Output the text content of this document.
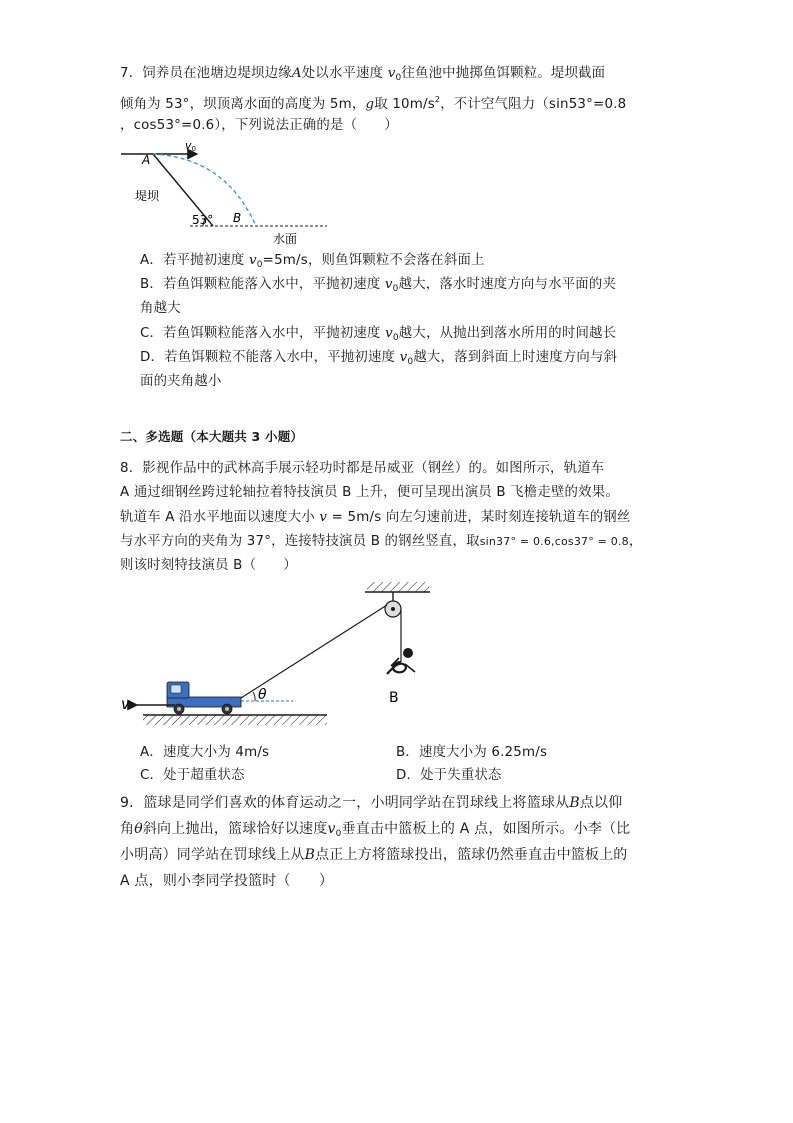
7．饲养员在池塘边堤坝边缘A处以水平速度 $v_0$往鱼池中抛掷鱼饵颗粒。堤坝截面
倾角为 53°，坝顶离水面的高度为 5m，g取 $10m/s^2$，不计空气阻力（sin53°=0.8
，cos53°=0.6），下列说法正确的是（　　）
v0
A
堤坝
53° B
水面
A．若平抛初速度 $v_0=5m/s$，则鱼饵颗粒不会落在斜面上
B．若鱼饵颗粒能落入水中，平抛初速度 $v_0$越大，落水时速度方向与水平面的夹
角越大
C．若鱼饵颗粒能落入水中，平抛初速度 $v_0$越大，从抛出到落水所用的时间越长
D．若鱼饵颗粒不能落入水中，平抛初速度 $v_0$越大，落到斜面上时速度方向与斜
面的夹角越小
二、多选题（本大题共 3 小题）
8．影视作品中的武林高手展示轻功时都是吊威亚（钢丝）的。如图所示，轨道车
A 通过细钢丝跨过轮轴拉着特技演员 B 上升，便可呈现出演员 B 飞檐走壁的效果。
轨道车 A 沿水平地面以速度大小 v = 5m/s 向左匀速前进，某时刻连接轨道车的钢丝
与水平方向的夹角为 37°，连接特技演员 B 的钢丝竖直，取sin37° = 0.6,cos37° = 0.8，
则该时刻特技演员 B（　　）
B
θ
v
A．速度大小为 4m/s	B．速度大小为 6.25m/s
C．处于超重状态	D．处于失重状态
9．篮球是同学们喜欢的体育运动之一，小明同学站在罚球线上将篮球从B点以仰
角θ斜向上抛出，篮球恰好以速度$v_0$垂直击中篮板上的 A 点，如图所示。小李（比
小明高）同学站在罚球线上从B点正上方将篮球投出，篮球仍然垂直击中篮板上的
A 点，则小李同学投篮时（　　）
